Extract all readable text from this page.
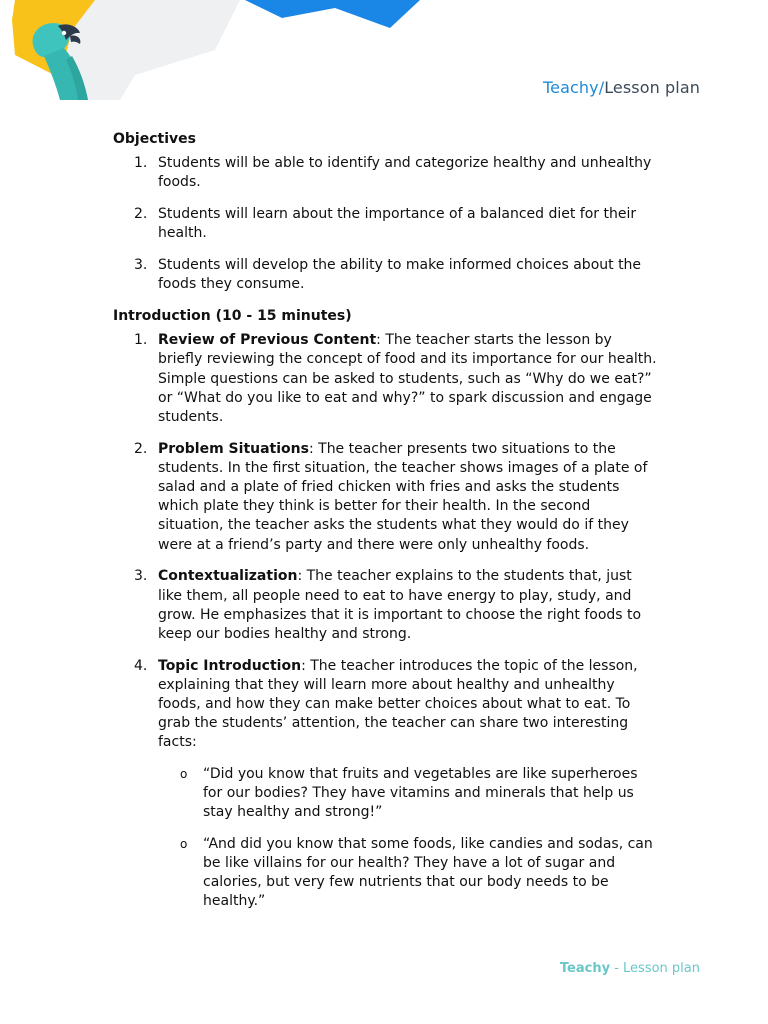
Teachy/Lesson plan
Objectives
1. Students will be able to identify and categorize healthy and unhealthy foods.
2. Students will learn about the importance of a balanced diet for their health.
3. Students will develop the ability to make informed choices about the foods they consume.
Introduction (10 - 15 minutes)
1. Review of Previous Content: The teacher starts the lesson by briefly reviewing the concept of food and its importance for our health. Simple questions can be asked to students, such as “Why do we eat?” or “What do you like to eat and why?” to spark discussion and engage students.
2. Problem Situations: The teacher presents two situations to the students. In the first situation, the teacher shows images of a plate of salad and a plate of fried chicken with fries and asks the students which plate they think is better for their health. In the second situation, the teacher asks the students what they would do if they were at a friend’s party and there were only unhealthy foods.
3. Contextualization: The teacher explains to the students that, just like them, all people need to eat to have energy to play, study, and grow. He emphasizes that it is important to choose the right foods to keep our bodies healthy and strong.
4. Topic Introduction: The teacher introduces the topic of the lesson, explaining that they will learn more about healthy and unhealthy foods, and how they can make better choices about what to eat. To grab the students’ attention, the teacher can share two interesting facts:
o “Did you know that fruits and vegetables are like superheroes for our bodies? They have vitamins and minerals that help us stay healthy and strong!”
o “And did you know that some foods, like candies and sodas, can be like villains for our health? They have a lot of sugar and calories, but very few nutrients that our body needs to be healthy.”
Teachy - Lesson plan
